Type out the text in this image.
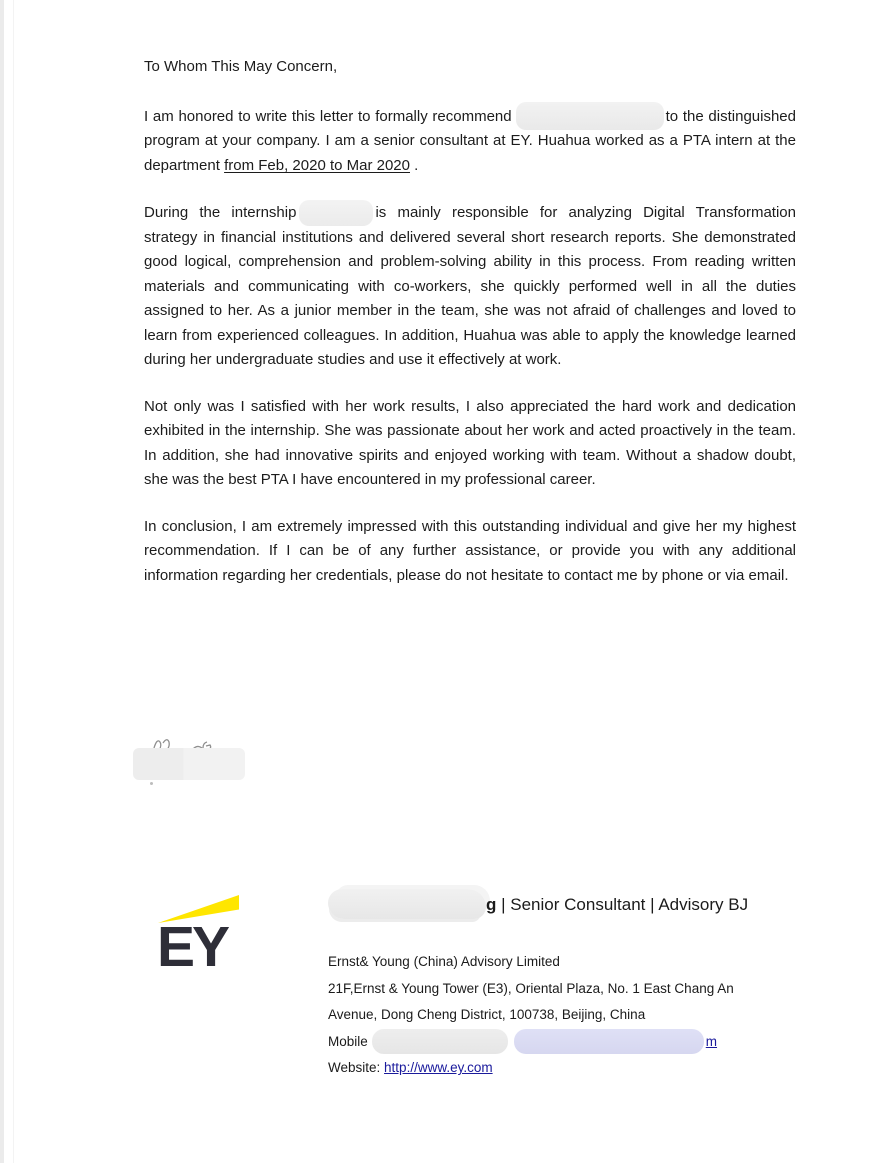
To Whom This May Concern,

I am honored to write this letter to formally recommend	to the distinguished program at your company. I am a senior consultant at EY. Huahua worked as a PTA intern at the department from Feb, 2020 to Mar 2020 .

During the internship	is mainly responsible for analyzing Digital Transformation strategy in financial institutions and delivered several short research reports. She demonstrated good logical, comprehension and problem-solving ability in this process. From reading written materials and communicating with co-workers, she quickly performed well in all the duties assigned to her. As a junior member in the team, she was not afraid of challenges and loved to learn from experienced colleagues. In addition, Huahua was able to apply the knowledge learned during her undergraduate studies and use it effectively at work.

Not only was I satisfied with her work results, I also appreciated the hard work and dedication exhibited in the internship. She was passionate about her work and acted proactively in the team. In addition, she had innovative spirits and enjoyed working with team. Without a shadow doubt, she was the best PTA I have encountered in my professional career.

In conclusion, I am extremely impressed with this outstanding individual and give her my highest recommendation. If I can be of any further assistance, or provide you with any additional information regarding her credentials, please do not hesitate to contact me by phone or via email.

EY
g | Senior Consultant | Advisory BJ
Ernst& Young (China) Advisory Limited
21F,Ernst & Young Tower (E3), Oriental Plaza, No. 1 East Chang An
Avenue, Dong Cheng District, 100738, Beijing, China
Mobile	m
Website: http://www.ey.com
